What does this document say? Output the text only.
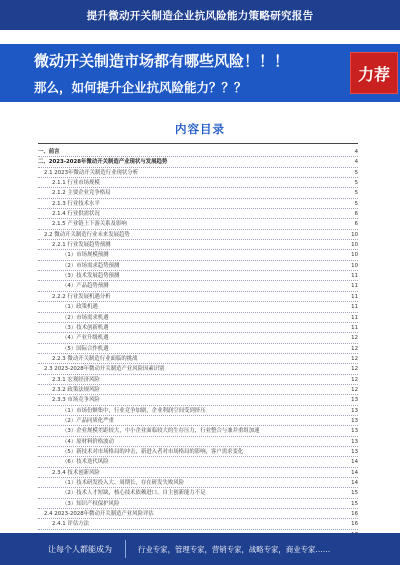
提升微动开关制造企业抗风险能力策略研究报告
微动开关制造市场都有哪些风险！！！
那么，如何提升企业抗风险能力？？？
力荐
内容目录
一、前言	4
二、2023-2028年微动开关制造产业现状与发展趋势	4
2.1 2023年微动开关制造行业现状分析	5
2.1.1 行业市场规模	5
2.1.2 主要企业竞争格局	5
2.1.3 行业技术水平	5
2.1.4 行业供需状况	6
2.1.5 产业链上下游关系及影响	6
2.2 微动开关制造行业未来发展趋势	10
2.2.1 行业发展趋势预测	10
（1）市场规模预测	10
（2）市场需求趋势预测	10
（3）技术发展趋势预测	11
（4）产品趋势预测	11
2.2.2 行业发展机遇分析	11
（1）政策机遇	11
（2）市场需求机遇	11
（3）技术创新机遇	11
（4）产业升级机遇	12
（5）国际合作机遇	12
2.2.3 微动开关制造行业面临的挑战	12
2.3 2023-2028年微动开关制造产业风险因素识别	12
2.3.1 宏观经济风险	12
2.3.2 政策法规风险	12
2.3.3 市场竞争风险	13
（1）市场份额集中，行业竞争加剧，企业利润空间受到挤压	13
（2）产品同质化严重	13
（3）企业规模差距较大，中小企业面临较大的生存压力，行业整合与兼并重组加速	13
（4）原材料价格波动	13
（5）新技术对市场格局的冲击，新进入者对市场格局的影响，客户需求变化	13
（6）技术迭代风险	14
2.3.4 技术创新风险	14
（1）技术研发投入大、周期长，存在研发失败风险	14
（2）技术人才短缺，核心技术依赖进口，自主创新能力不足	15
（3）知识产权保护风险	15
2.4 2023-2028年微动开关制造产业风险评估	16
2.4.1 评估方法	16
让每个人都能成为	行业专家，管理专家，营销专家，战略专家，商业专家……
